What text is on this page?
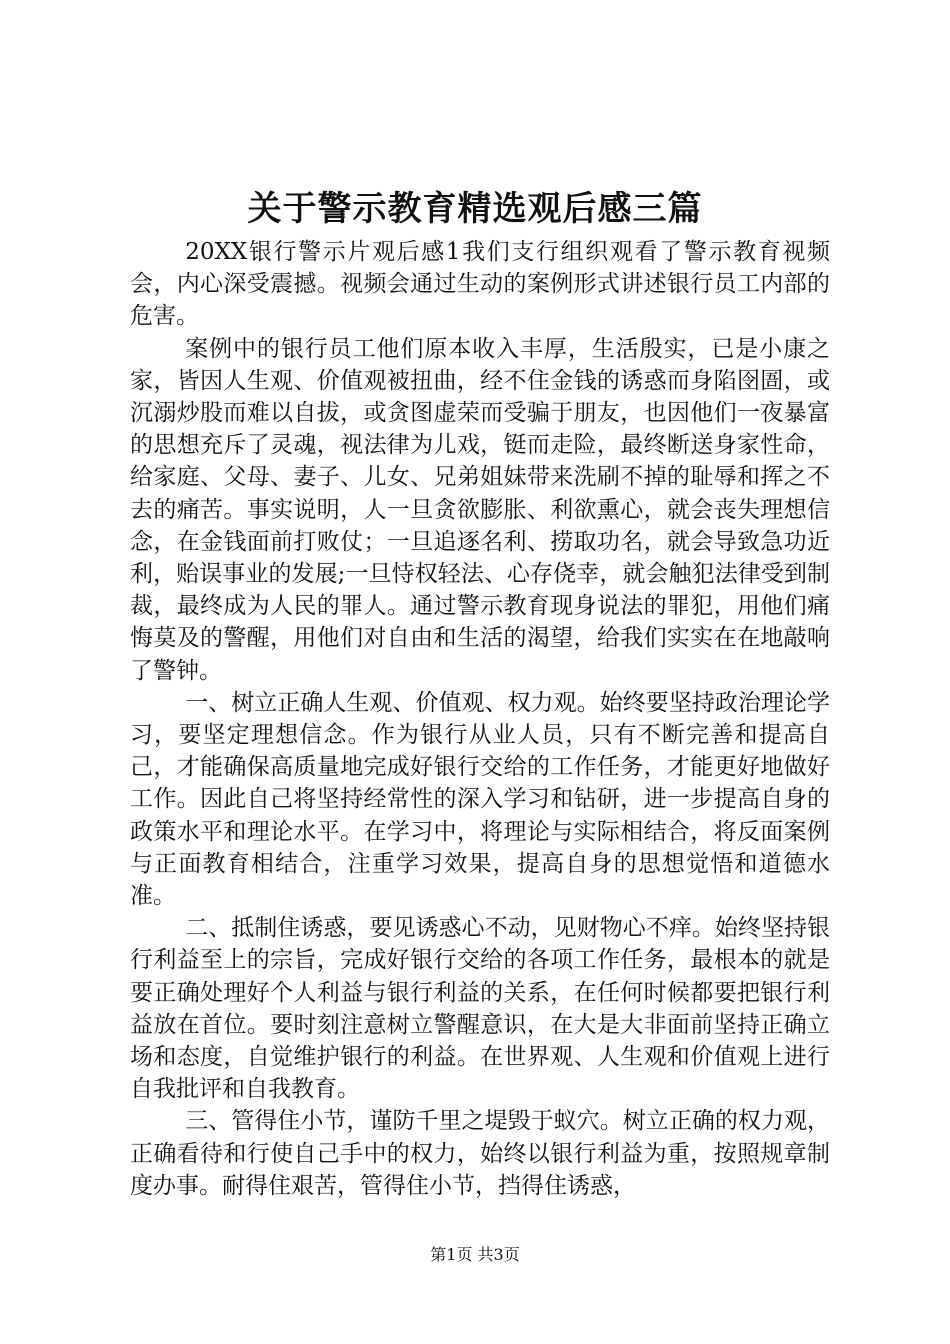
关于警示教育精选观后感三篇

20XX银行警示片观后感1我们支行组织观看了警示教育视频会，内心深受震撼。视频会通过生动的案例形式讲述银行员工内部的危害。

案例中的银行员工他们原本收入丰厚，生活殷实，已是小康之家，皆因人生观、价值观被扭曲，经不住金钱的诱惑而身陷囹圄，或沉溺炒股而难以自拔，或贪图虚荣而受骗于朋友，也因他们一夜暴富的思想充斥了灵魂，视法律为儿戏，铤而走险，最终断送身家性命，给家庭、父母、妻子、儿女、兄弟姐妹带来洗刷不掉的耻辱和挥之不去的痛苦。事实说明，人一旦贪欲膨胀、利欲熏心，就会丧失理想信念，在金钱面前打败仗；一旦追逐名利、捞取功名，就会导致急功近利，贻误事业的发展;一旦恃权轻法、心存侥幸，就会触犯法律受到制裁，最终成为人民的罪人。通过警示教育现身说法的罪犯，用他们痛悔莫及的警醒，用他们对自由和生活的渴望，给我们实实在在地敲响了警钟。

一、树立正确人生观、价值观、权力观。始终要坚持政治理论学习，要坚定理想信念。作为银行从业人员，只有不断完善和提高自己，才能确保高质量地完成好银行交给的工作任务，才能更好地做好工作。因此自己将坚持经常性的深入学习和钻研，进一步提高自身的政策水平和理论水平。在学习中，将理论与实际相结合，将反面案例与正面教育相结合，注重学习效果，提高自身的思想觉悟和道德水准。

二、抵制住诱惑，要见诱惑心不动，见财物心不痒。始终坚持银行利益至上的宗旨，完成好银行交给的各项工作任务，最根本的就是要正确处理好个人利益与银行利益的关系，在任何时候都要把银行利益放在首位。要时刻注意树立警醒意识，在大是大非面前坚持正确立场和态度，自觉维护银行的利益。在世界观、人生观和价值观上进行自我批评和自我教育。

三、管得住小节，谨防千里之堤毁于蚁穴。树立正确的权力观，正确看待和行使自己手中的权力，始终以银行利益为重，按照规章制度办事。耐得住艰苦，管得住小节，挡得住诱惑，

第1页 共3页
